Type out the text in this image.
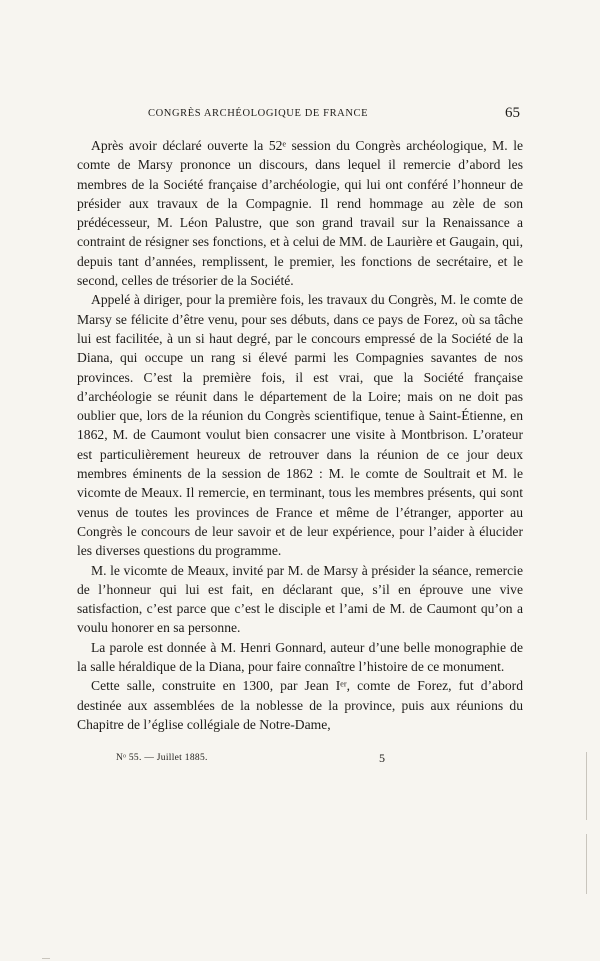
CONGRÈS ARCHÉOLOGIQUE DE FRANCE	65

Après avoir déclaré ouverte la 52ᵉ session du Congrès archéologique, M. le comte de Marsy prononce un discours, dans lequel il remercie d’abord les membres de la Société française d’archéologie, qui lui ont conféré l’honneur de présider aux travaux de la Compagnie. Il rend hommage au zèle de son prédécesseur, M. Léon Palustre, que son grand travail sur la Renaissance a contraint de résigner ses fonctions, et à celui de MM. de Laurière et Gaugain, qui, depuis tant d’années, remplissent, le premier, les fonctions de secrétaire, et le second, celles de trésorier de la Société.

Appelé à diriger, pour la première fois, les travaux du Congrès, M. le comte de Marsy se félicite d’être venu, pour ses débuts, dans ce pays de Forez, où sa tâche lui est facilitée, à un si haut degré, par le concours empressé de la Société de la Diana, qui occupe un rang si élevé parmi les Compagnies savantes de nos provinces. C’est la première fois, il est vrai, que la Société française d’archéologie se réunit dans le département de la Loire; mais on ne doit pas oublier que, lors de la réunion du Congrès scientifique, tenue à Saint-Étienne, en 1862, M. de Caumont voulut bien consacrer une visite à Montbrison. L’orateur est particulièrement heureux de retrouver dans la réunion de ce jour deux membres éminents de la session de 1862 : M. le comte de Soultrait et M. le vicomte de Meaux. Il remercie, en terminant, tous les membres présents, qui sont venus de toutes les provinces de France et même de l’étranger, apporter au Congrès le concours de leur savoir et de leur expérience, pour l’aider à élucider les diverses questions du programme.

M. le vicomte de Meaux, invité par M. de Marsy à présider la séance, remercie de l’honneur qui lui est fait, en déclarant que, s’il en éprouve une vive satisfaction, c’est parce que c’est le disciple et l’ami de M. de Caumont qu’on a voulu honorer en sa personne.

La parole est donnée à M. Henri Gonnard, auteur d’une belle monographie de la salle héraldique de la Diana, pour faire connaître l’histoire de ce monument.

Cette salle, construite en 1300, par Jean Iᵉʳ, comte de Forez, fut d’abord destinée aux assemblées de la noblesse de la province, puis aux réunions du Chapitre de l’église collégiale de Notre-Dame,

Nᵒ 55. — Juillet 1885.	5
